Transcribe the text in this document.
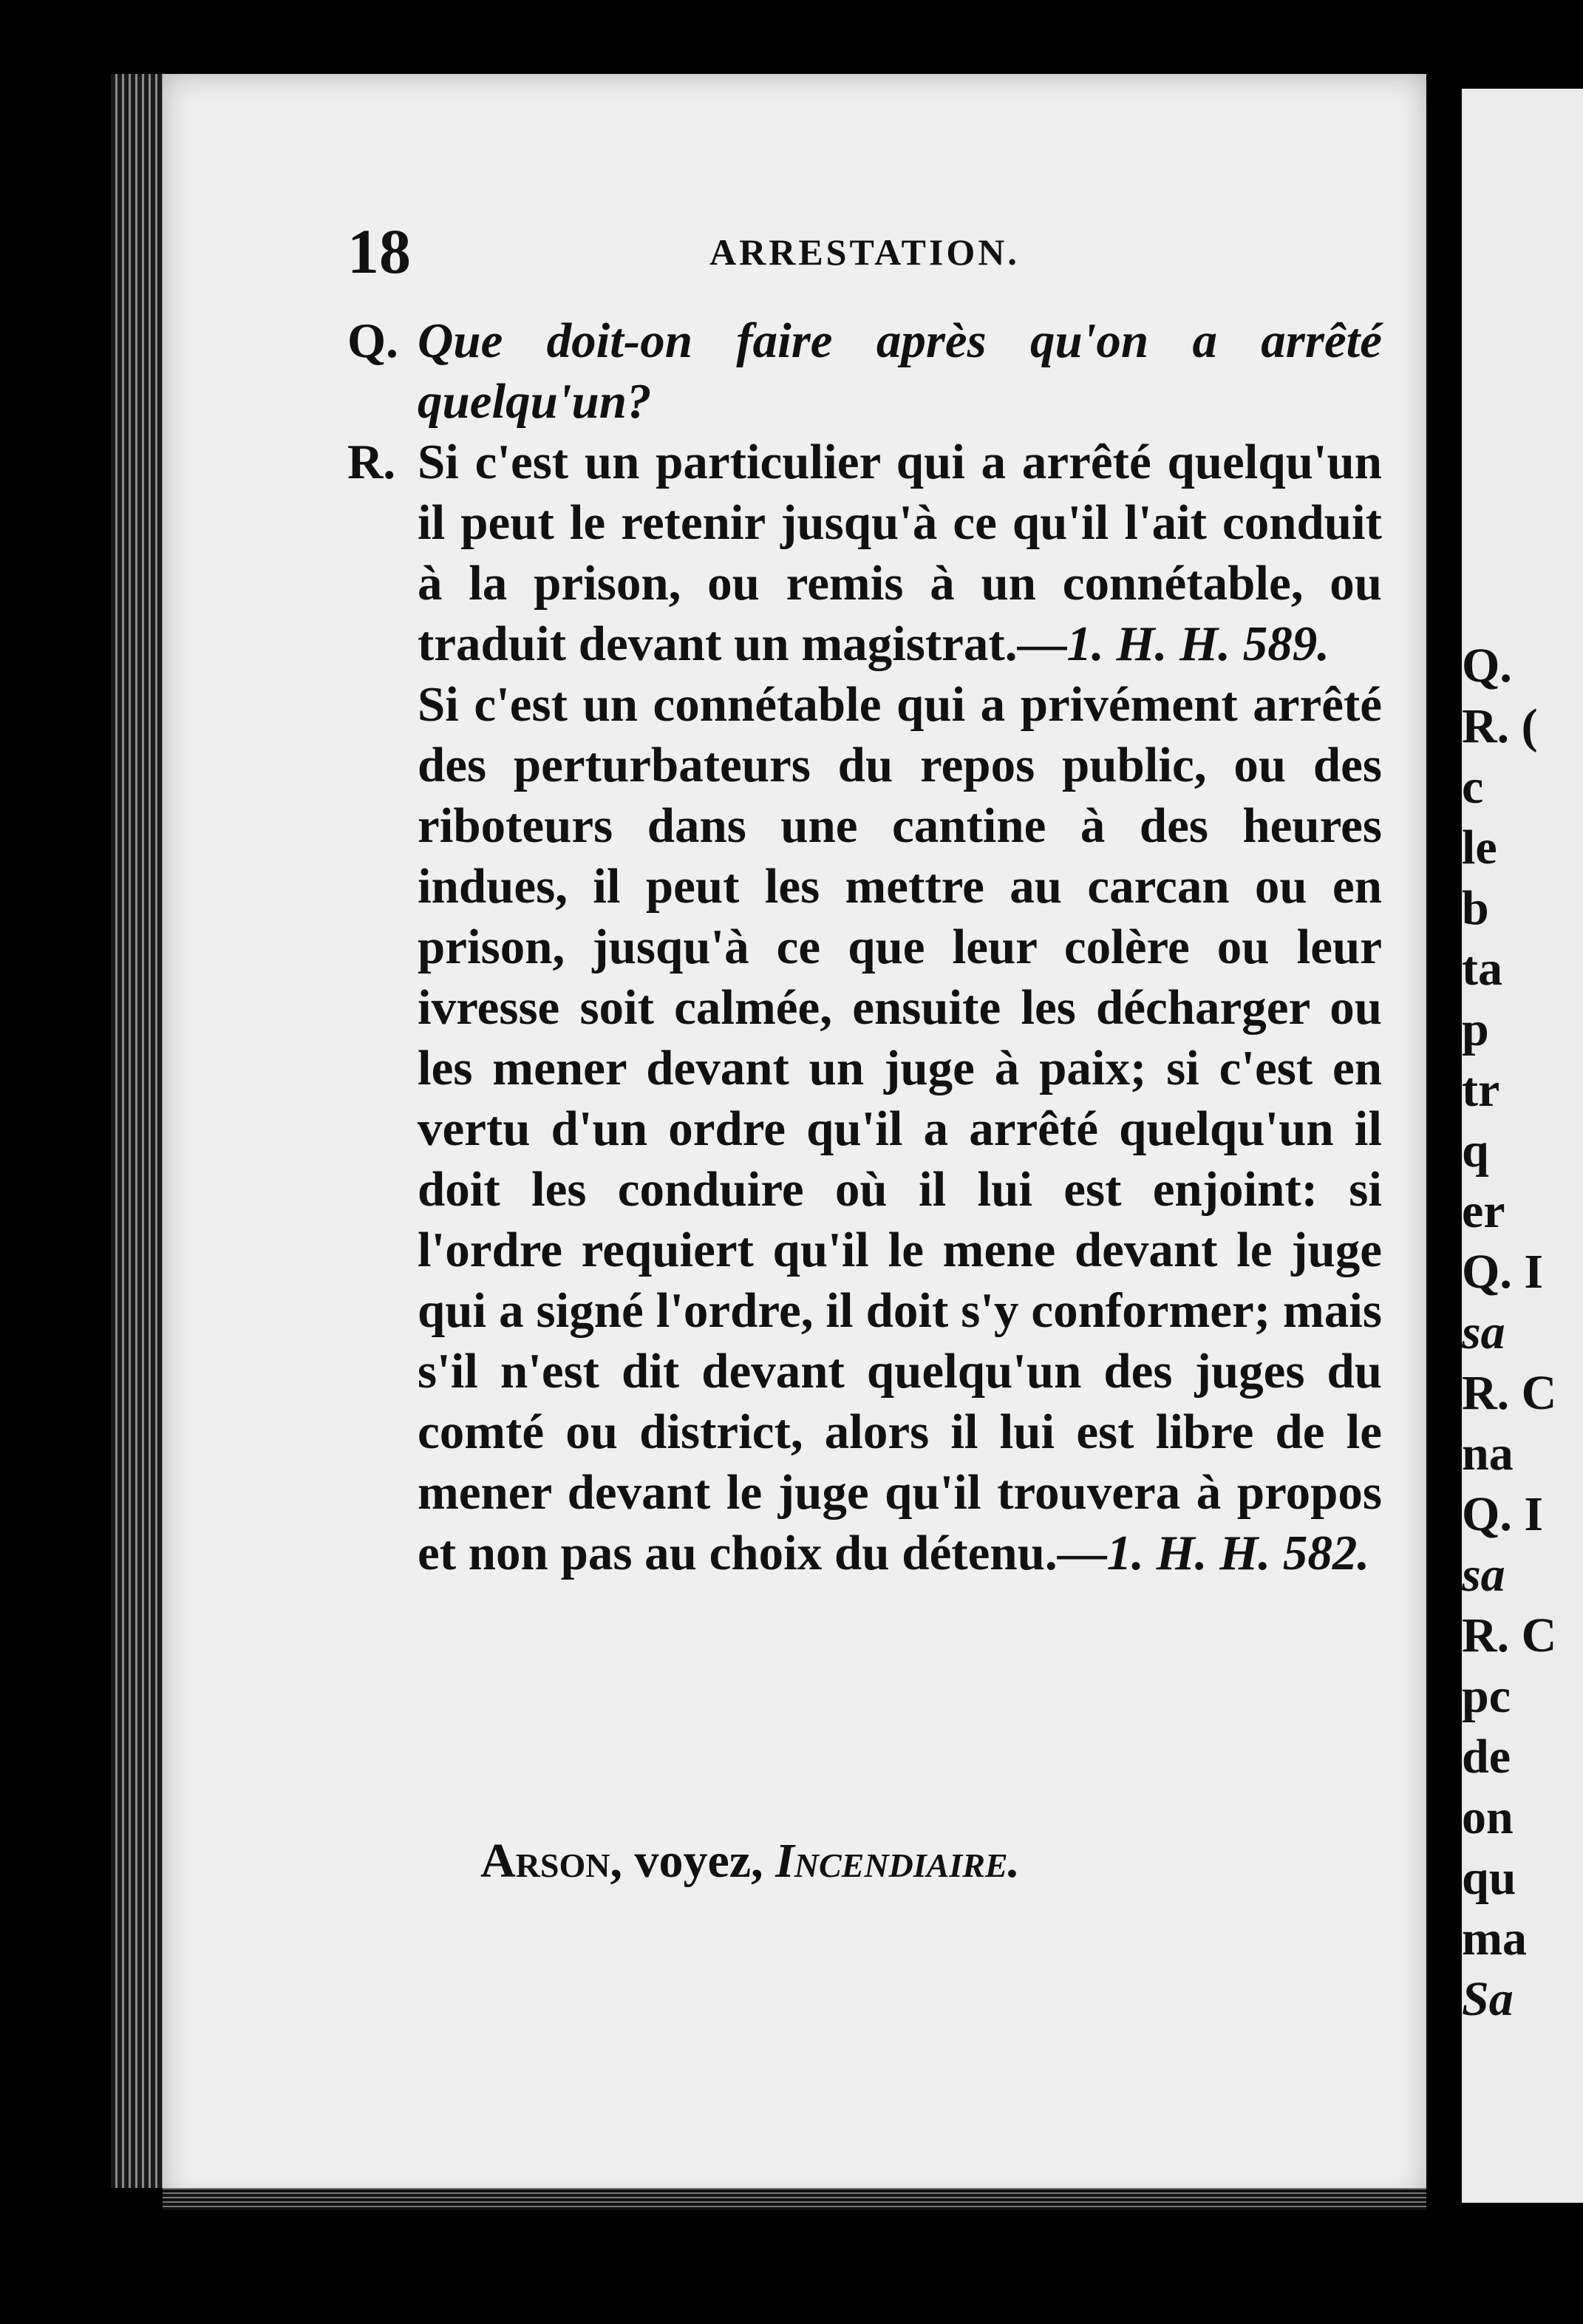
Q.
R. (
c
le
b
ta
p
tr
q
er
Q. I
sa
R. C
na
Q. I
sa
R. C
pc
de
on
qu
ma
Sa
18	ARRESTATION.

Q. Que doit-on faire après qu'on a arrêté quelqu'un?

R. Si c'est un particulier qui a arrêté quelqu'un il peut le retenir jusqu'à ce qu'il l'ait conduit à la prison, ou remis à un connétable, ou traduit devant un magistrat.—1. H. H. 589.

Si c'est un connétable qui a privément arrêté des perturbateurs du repos public, ou des riboteurs dans une cantine à des heures indues, il peut les mettre au carcan ou en prison, jusqu'à ce que leur colère ou leur ivresse soit calmée, ensuite les décharger ou les mener devant un juge à paix; si c'est en vertu d'un ordre qu'il a arrêté quelqu'un il doit les conduire où il lui est enjoint: si l'ordre requiert qu'il le mene devant le juge qui a signé l'ordre, il doit s'y conformer; mais s'il n'est dit devant quelqu'un des juges du comté ou district, alors il lui est libre de le mener devant le juge qu'il trouvera à propos et non pas au choix du détenu.—1. H. H. 582.

Arson, voyez, Incendiaire.
